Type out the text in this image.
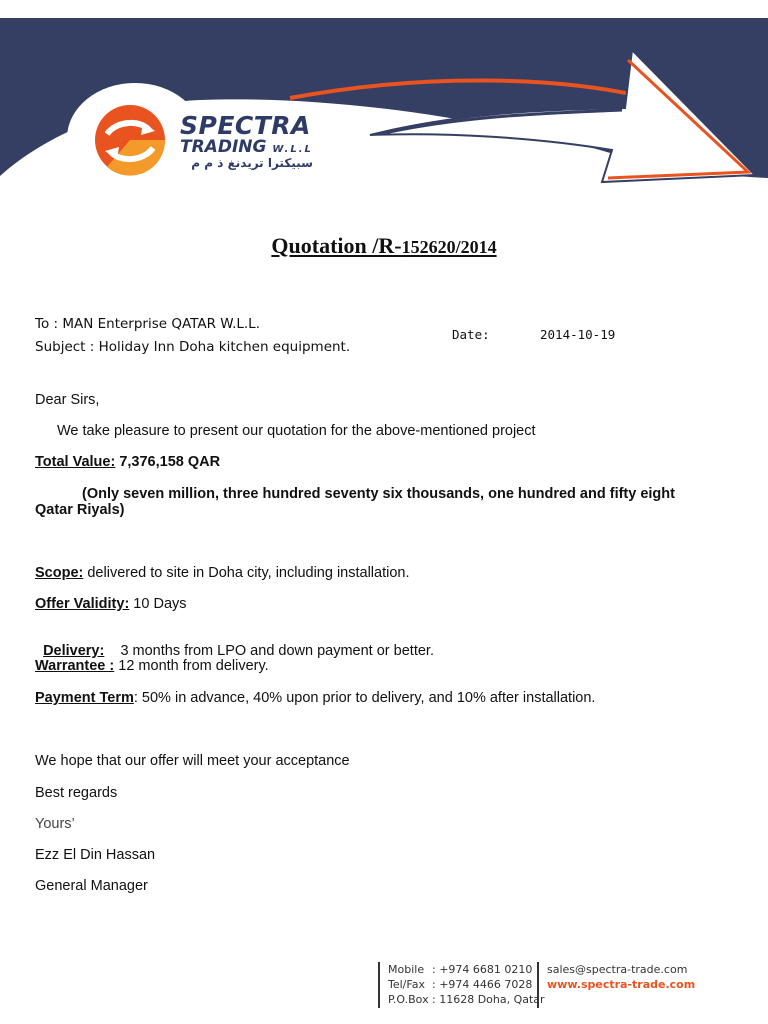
SPECTRA
TRADING W.L.L
سبيكترا تريدنغ ذ م م
Quotation /R-152620/2014
To : MAN Enterprise QATAR W.L.L.
Subject : Holiday Inn Doha kitchen equipment.
Date:	2014-10-19
Dear Sirs,
We take pleasure to present our quotation for the above-mentioned project
Total Value: 7,376,158 QAR
(Only seven million, three hundred seventy six thousands, one hundred and fifty eight
Qatar Riyals)
Scope: delivered to site in Doha city, including installation.
Offer Validity: 10 Days

Delivery:    3 months from LPO and down payment or better.

Warrantee : 12 month from delivery.
Payment Term: 50% in advance, 40% upon prior to delivery, and 10% after installation.
We hope that our offer will meet your acceptance
Best regards
Yours’
Ezz El Din Hassan
General Manager
Mobile : +974 6681 0210
Tel/Fax : +974 4466 7028
P.O.Box : 11628 Doha, Qatar
sales@spectra-trade.com
www.spectra-trade.com
